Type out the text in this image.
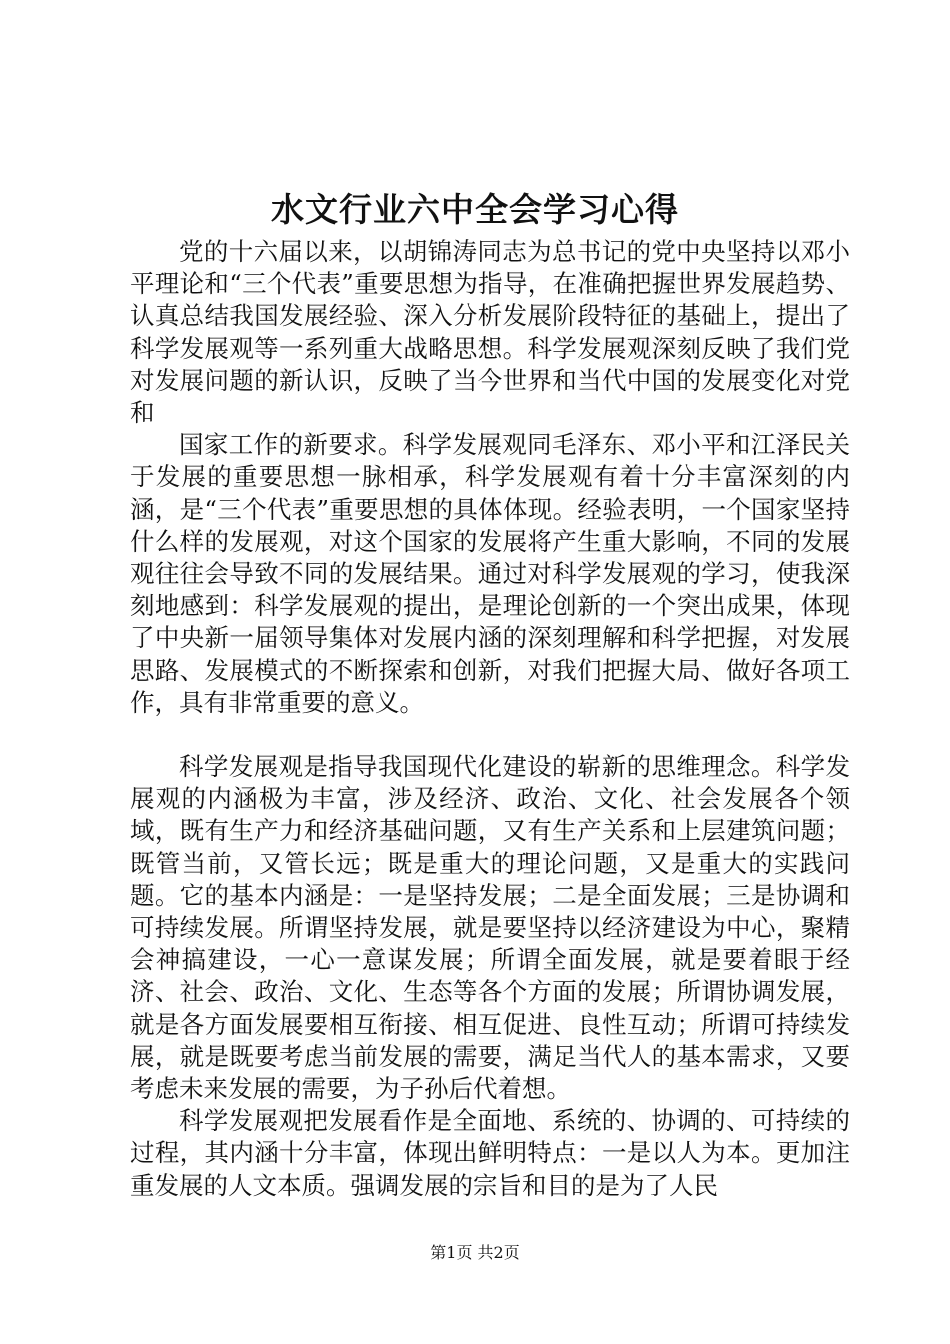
水文行业六中全会学习心得

党的十六届以来，以胡锦涛同志为总书记的党中央坚持以邓小平理论和“三个代表”重要思想为指导，在准确把握世界发展趋势、认真总结我国发展经验、深入分析发展阶段特征的基础上，提出了科学发展观等一系列重大战略思想。科学发展观深刻反映了我们党对发展问题的新认识，反映了当今世界和当代中国的发展变化对党和

国家工作的新要求。科学发展观同毛泽东、邓小平和江泽民关于发展的重要思想一脉相承，科学发展观有着十分丰富深刻的内涵，是“三个代表”重要思想的具体体现。经验表明，一个国家坚持什么样的发展观，对这个国家的发展将产生重大影响，不同的发展观往往会导致不同的发展结果。通过对科学发展观的学习，使我深刻地感到：科学发展观的提出，是理论创新的一个突出成果，体现了中央新一届领导集体对发展内涵的深刻理解和科学把握，对发展思路、发展模式的不断探索和创新，对我们把握大局、做好各项工作，具有非常重要的意义。

科学发展观是指导我国现代化建设的崭新的思维理念。科学发展观的内涵极为丰富，涉及经济、政治、文化、社会发展各个领域，既有生产力和经济基础问题，又有生产关系和上层建筑问题；既管当前，又管长远；既是重大的理论问题，又是重大的实践问题。它的基本内涵是：一是坚持发展；二是全面发展；三是协调和可持续发展。所谓坚持发展，就是要坚持以经济建设为中心，聚精会神搞建设，一心一意谋发展；所谓全面发展，就是要着眼于经济、社会、政治、文化、生态等各个方面的发展；所谓协调发展，就是各方面发展要相互衔接、相互促进、良性互动；所谓可持续发展，就是既要考虑当前发展的需要，满足当代人的基本需求，又要考虑未来发展的需要，为子孙后代着想。

科学发展观把发展看作是全面地、系统的、协调的、可持续的过程，其内涵十分丰富，体现出鲜明特点：一是以人为本。更加注重发展的人文本质。强调发展的宗旨和目的是为了人民

第1页 共2页
